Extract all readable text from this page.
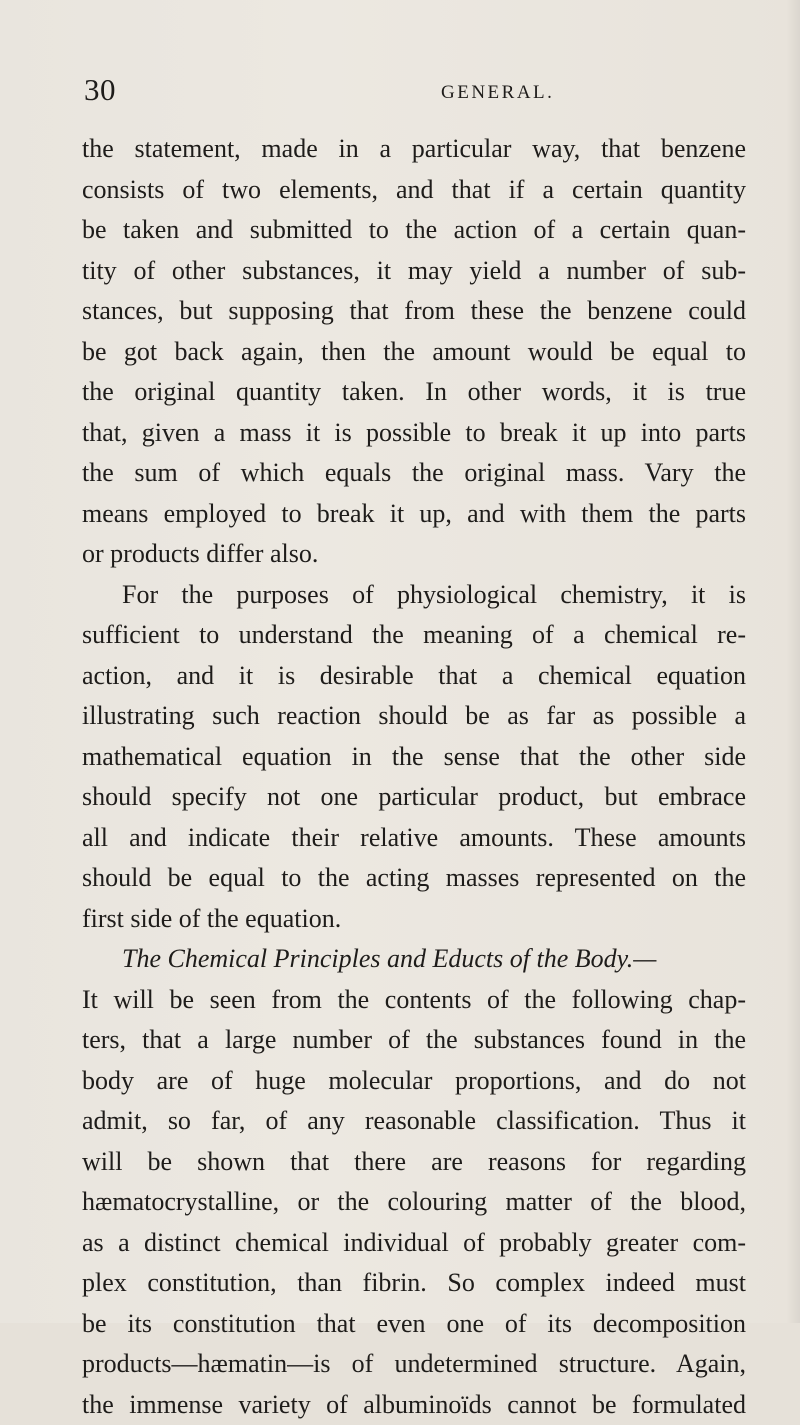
30	GENERAL.
the statement, made in a particular way, that benzene
consists of two elements, and that if a certain quantity
be taken and submitted to the action of a certain quan-
tity of other substances, it may yield a number of sub-
stances, but supposing that from these the benzene could
be got back again, then the amount would be equal to
the original quantity taken. In other words, it is true
that, given a mass it is possible to break it up into parts
the sum of which equals the original mass. Vary the
means employed to break it up, and with them the parts
or products differ also.
For the purposes of physiological chemistry, it is
sufficient to understand the meaning of a chemical re-
action, and it is desirable that a chemical equation
illustrating such reaction should be as far as possible a
mathematical equation in the sense that the other side
should specify not one particular product, but embrace
all and indicate their relative amounts. These amounts
should be equal to the acting masses represented on the
first side of the equation.
The Chemical Principles and Educts of the Body.—
It will be seen from the contents of the following chap-
ters, that a large number of the substances found in the
body are of huge molecular proportions, and do not
admit, so far, of any reasonable classification. Thus it
will be shown that there are reasons for regarding
hæmatocrystalline, or the colouring matter of the blood,
as a distinct chemical individual of probably greater com-
plex constitution, than fibrin. So complex indeed must
be its constitution that even one of its decomposition
products—hæmatin—is of undetermined structure. Again,
the immense variety of albuminoïds cannot be formulated
